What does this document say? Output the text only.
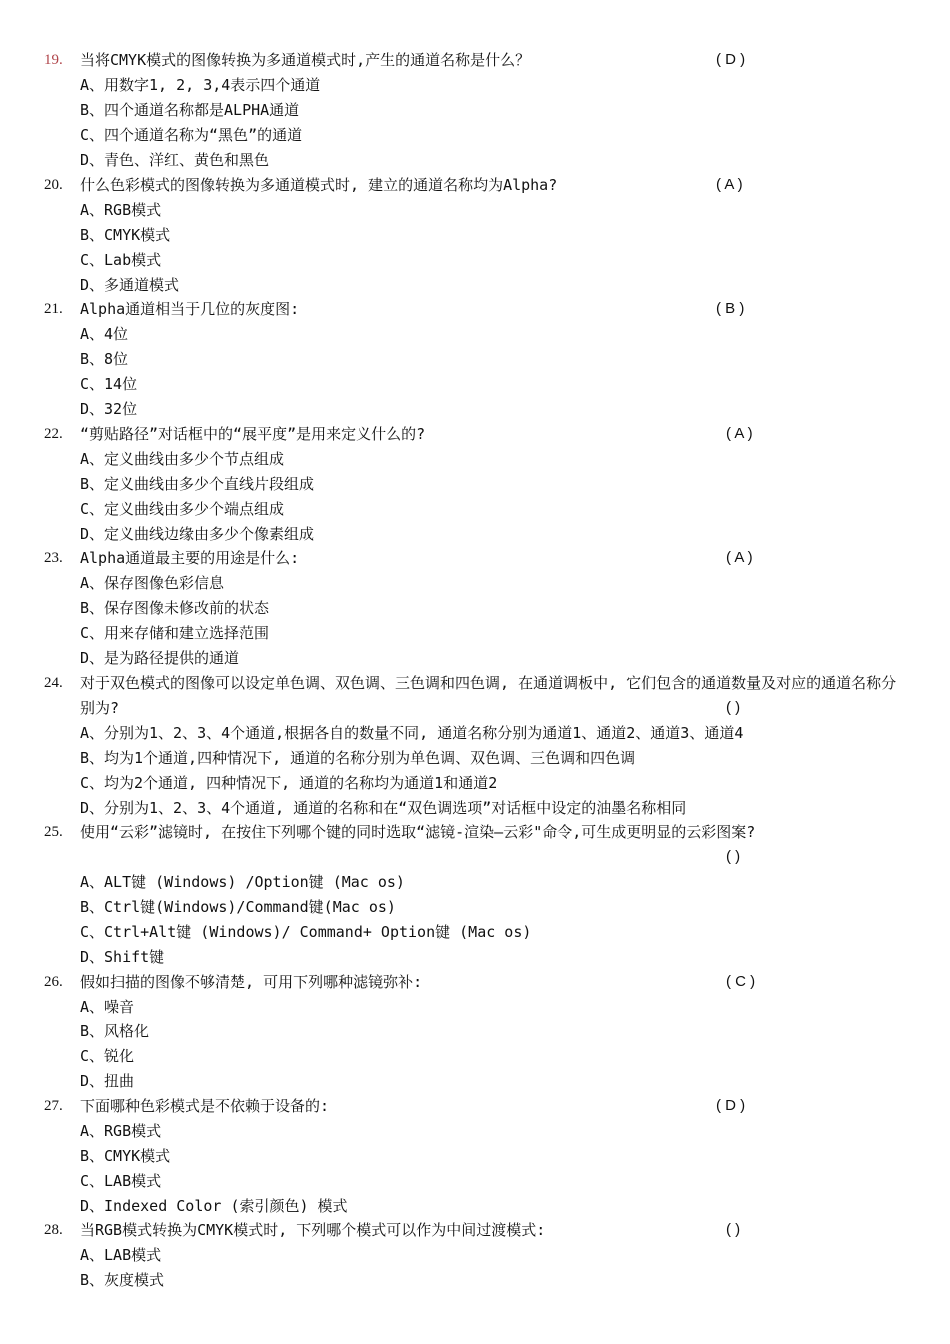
19.	当将CMYK模式的图像转换为多通道模式时,产生的通道名称是什么？	( D )
A、用数字1, 2, 3,4表示四个通道
B、四个通道名称都是ALPHA通道
C、四个通道名称为“黑色”的通道
D、青色、洋红、黄色和黑色
20.	什么色彩模式的图像转换为多通道模式时, 建立的通道名称均为Alpha?	( A )
A、RGB模式
B、CMYK模式
C、Lab模式
D、多通道模式
21.	Alpha通道相当于几位的灰度图:	( B )
A、4位
B、8位
C、14位
D、32位
22.	“剪贴路径”对话框中的“展平度”是用来定义什么的?	( A )
A、定义曲线由多少个节点组成
B、定义曲线由多少个直线片段组成
C、定义曲线由多少个端点组成
D、定义曲线边缘由多少个像素组成
23.	Alpha通道最主要的用途是什么:	( A )
A、保存图像色彩信息
B、保存图像未修改前的状态
C、用来存储和建立选择范围
D、是为路径提供的通道
24.	对于双色模式的图像可以设定单色调、双色调、三色调和四色调, 在通道调板中, 它们包含的通道数量及对应的通道名称分别为?	( )
A、分别为1、2、3、4个通道,根据各自的数量不同, 通道名称分别为通道1、通道2、通道3、通道4
B、均为1个通道,四种情况下, 通道的名称分别为单色调、双色调、三色调和四色调
C、均为2个通道, 四种情况下, 通道的名称均为通道1和通道2
D、分别为1、2、3、4个通道, 通道的名称和在“双色调选项”对话框中设定的油墨名称相同
25.	使用“云彩”滤镜时, 在按住下列哪个键的同时选取“滤镜-渲染—云彩"命令,可生成更明显的云彩图案?
( )
A、ALT键 (Windows) /Option键 (Mac os)
B、Ctrl键(Windows)/Command键(Mac os)
C、Ctrl+Alt键 (Windows)/ Command+ Option键 (Mac os)
D、Shift键
26.	假如扫描的图像不够清楚, 可用下列哪种滤镜弥补:	( C )
A、噪音
B、风格化
C、锐化
D、扭曲
27.	下面哪种色彩模式是不依赖于设备的:	( D )
A、RGB模式
B、CMYK模式
C、LAB模式
D、Indexed Color (索引颜色) 模式
28.	当RGB模式转换为CMYK模式时, 下列哪个模式可以作为中间过渡模式:	( )
A、LAB模式
B、灰度模式
